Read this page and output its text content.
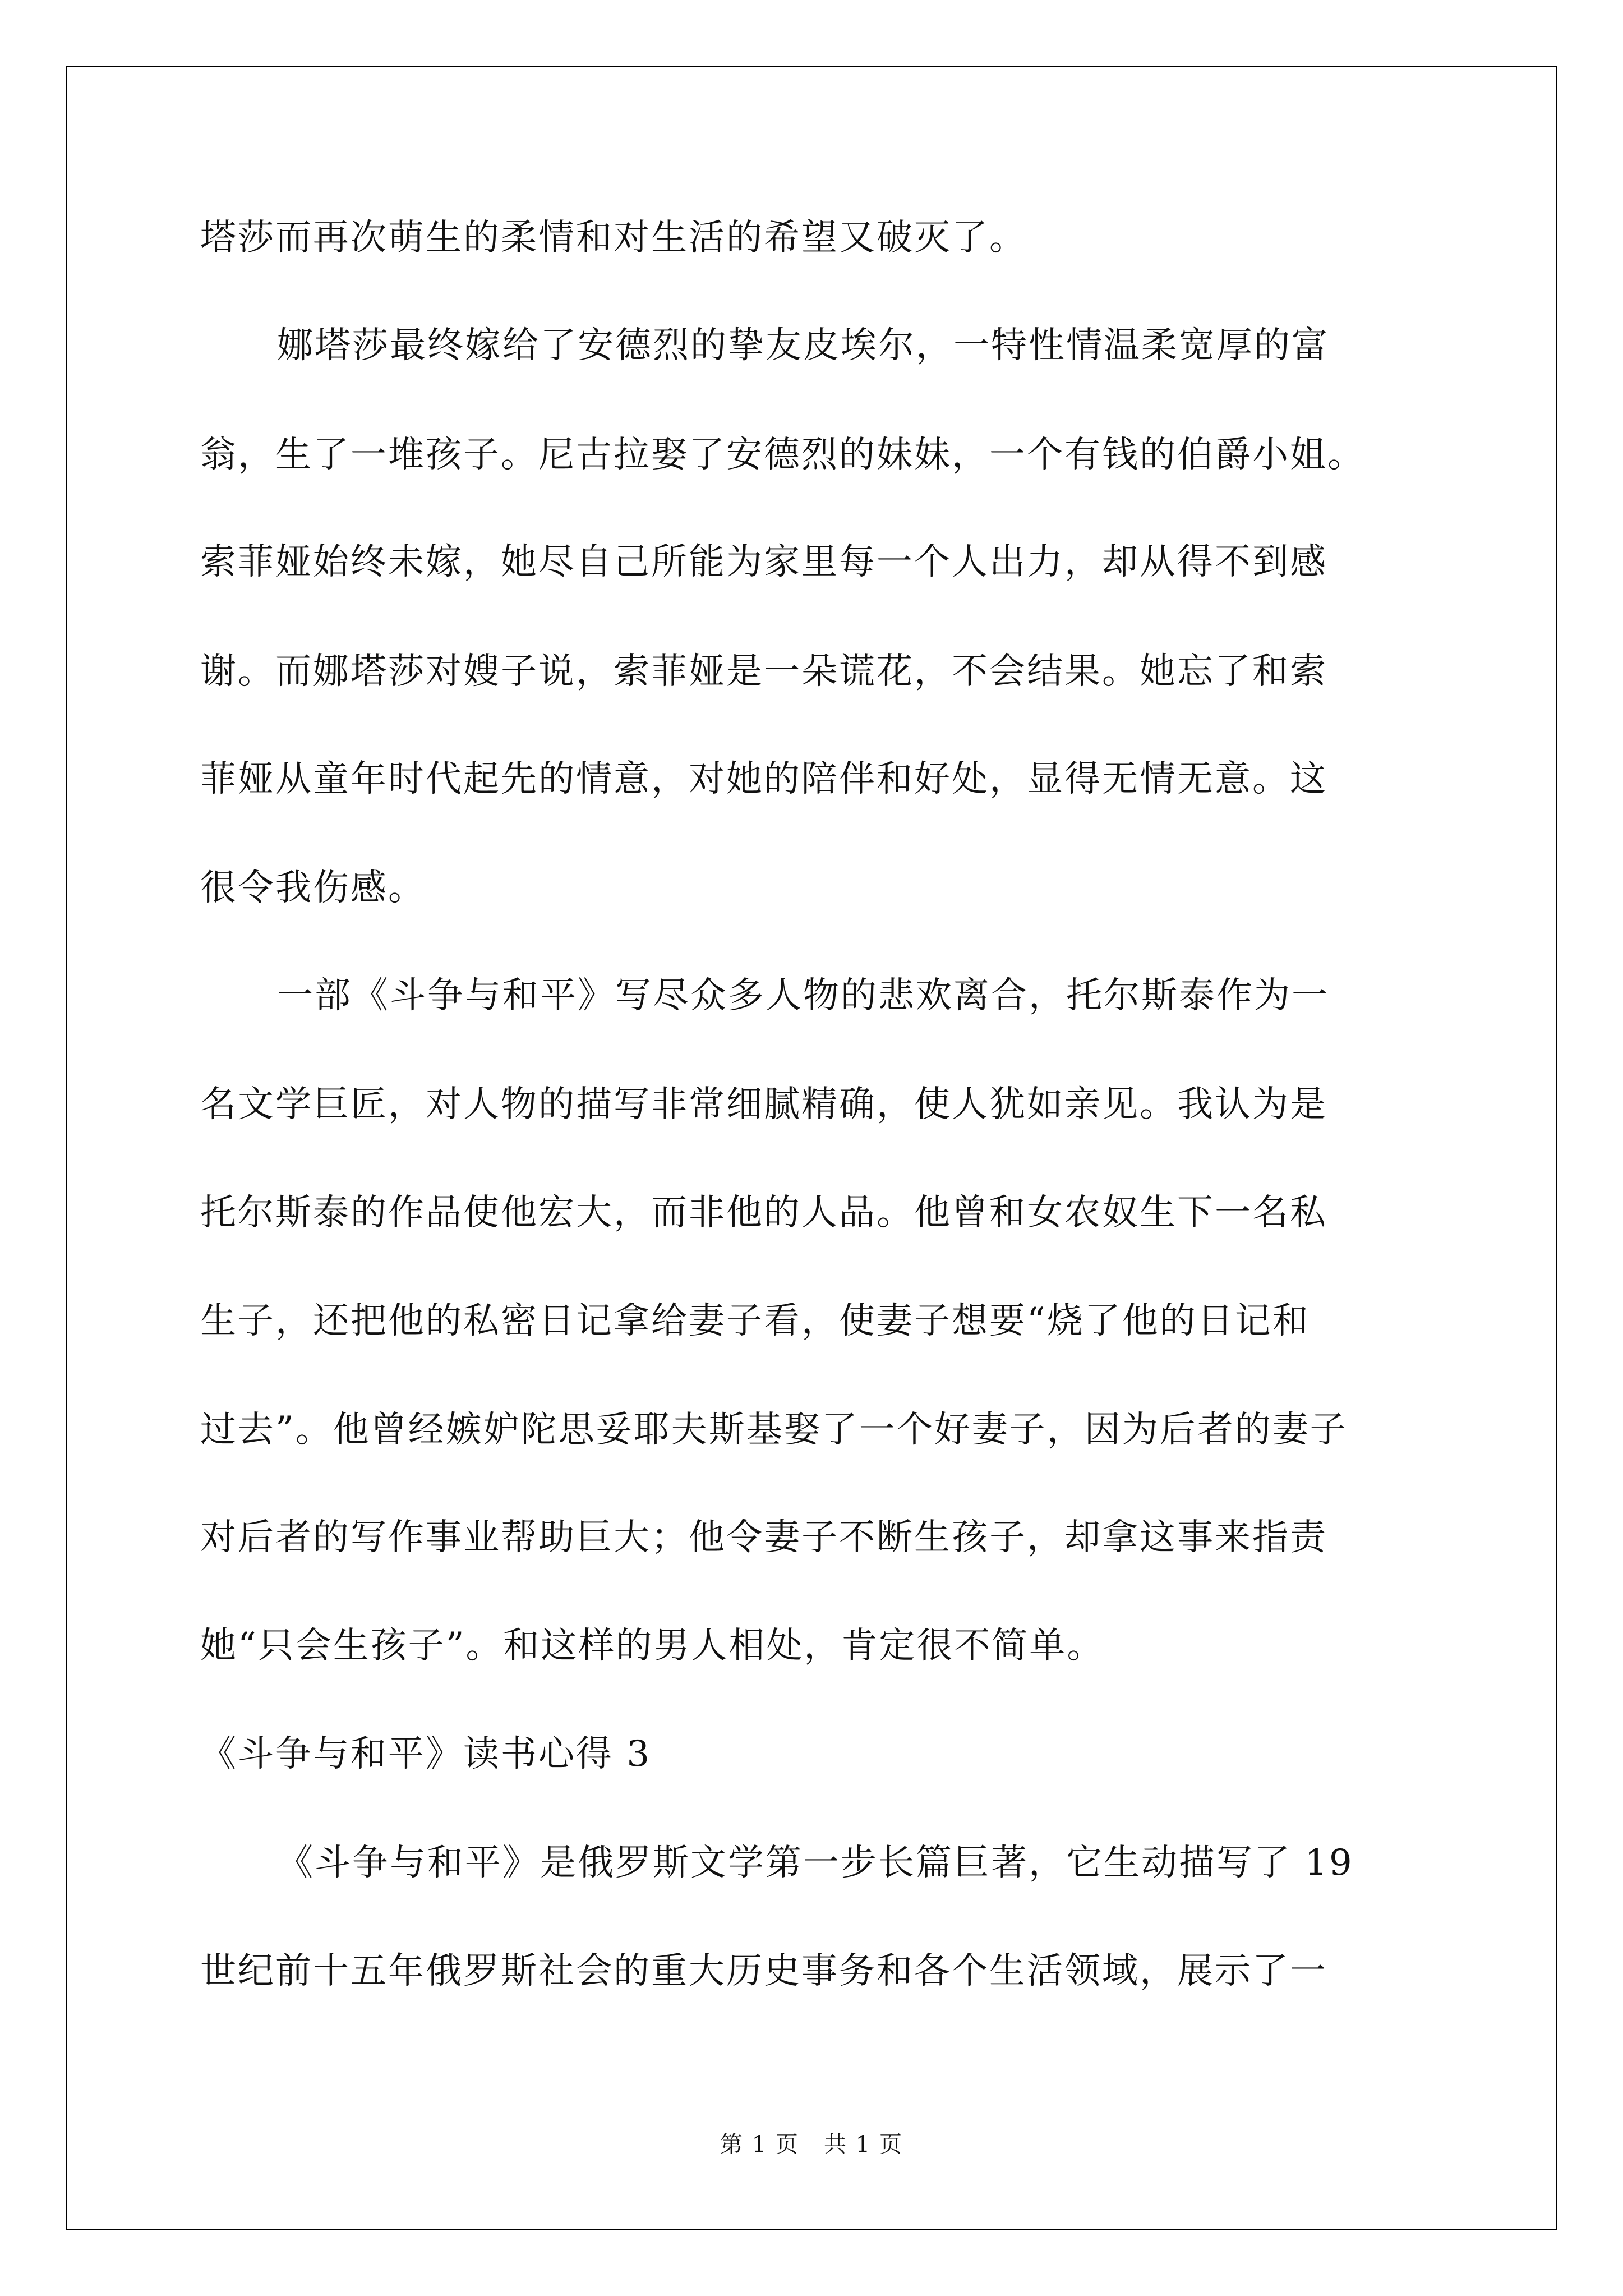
塔莎而再次萌生的柔情和对生活的希望又破灭了。
娜塔莎最终嫁给了安德烈的挚友皮埃尔，一特性情温柔宽厚的富
翁，生了一堆孩子。尼古拉娶了安德烈的妹妹，一个有钱的伯爵小姐。
索菲娅始终未嫁，她尽自己所能为家里每一个人出力，却从得不到感
谢。而娜塔莎对嫂子说，索菲娅是一朵谎花，不会结果。她忘了和索
菲娅从童年时代起先的情意，对她的陪伴和好处，显得无情无意。这
很令我伤感。
一部《斗争与和平》写尽众多人物的悲欢离合，托尔斯泰作为一
名文学巨匠，对人物的描写非常细腻精确，使人犹如亲见。我认为是
托尔斯泰的作品使他宏大，而非他的人品。他曾和女农奴生下一名私
生子，还把他的私密日记拿给妻子看，使妻子想要“烧了他的日记和
过去”。他曾经嫉妒陀思妥耶夫斯基娶了一个好妻子，因为后者的妻子
对后者的写作事业帮助巨大；他令妻子不断生孩子，却拿这事来指责
她“只会生孩子”。和这样的男人相处，肯定很不简单。
《斗争与和平》读书心得 3
《斗争与和平》是俄罗斯文学第一步长篇巨著，它生动描写了 19
世纪前十五年俄罗斯社会的重大历史事务和各个生活领域，展示了一
第 1 页   共 1 页
